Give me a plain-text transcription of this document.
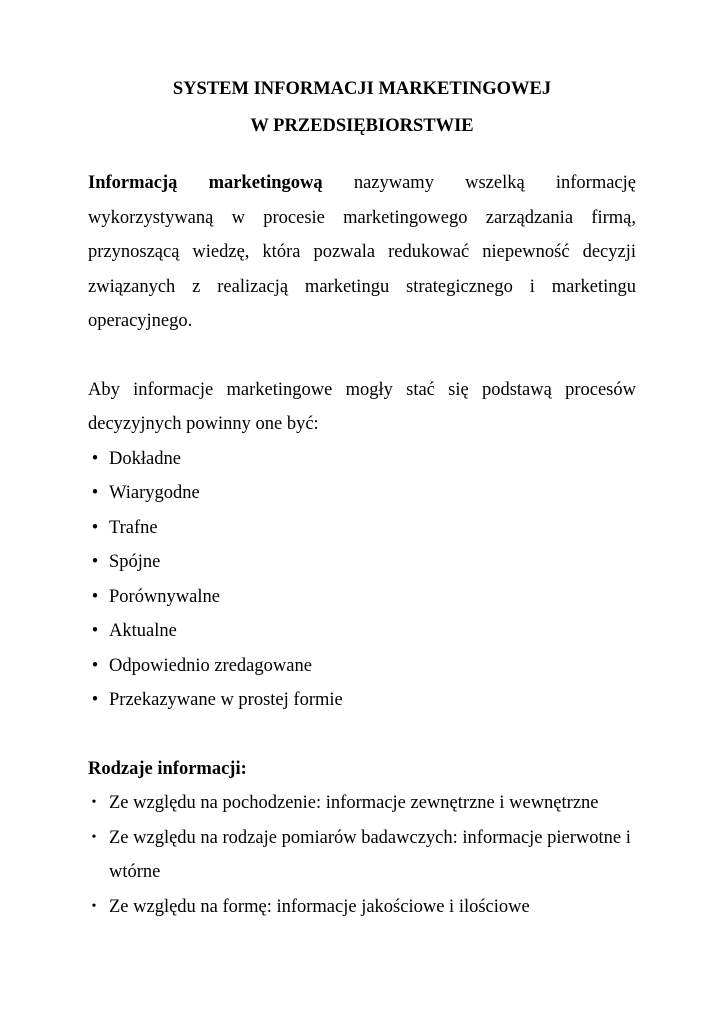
SYSTEM INFORMACJI MARKETINGOWEJ
W PRZEDSIĘBIORSTWIE

Informacją marketingową nazywamy wszelką informację wykorzystywaną w procesie marketingowego zarządzania firmą, przynoszącą wiedzę, która pozwala redukować niepewność decyzji związanych z realizacją marketingu strategicznego i marketingu operacyjnego.

Aby informacje marketingowe mogły stać się podstawą procesów decyzyjnych powinny one być:

• Dokładne
• Wiarygodne
• Trafne
• Spójne
• Porównywalne
• Aktualne
• Odpowiednio zredagowane
• Przekazywane w prostej formie

Rodzaje informacji:

• Ze względu na pochodzenie: informacje zewnętrzne i wewnętrzne
• Ze względu na rodzaje pomiarów badawczych: informacje pierwotne i wtórne
• Ze względu na formę: informacje jakościowe i ilościowe
